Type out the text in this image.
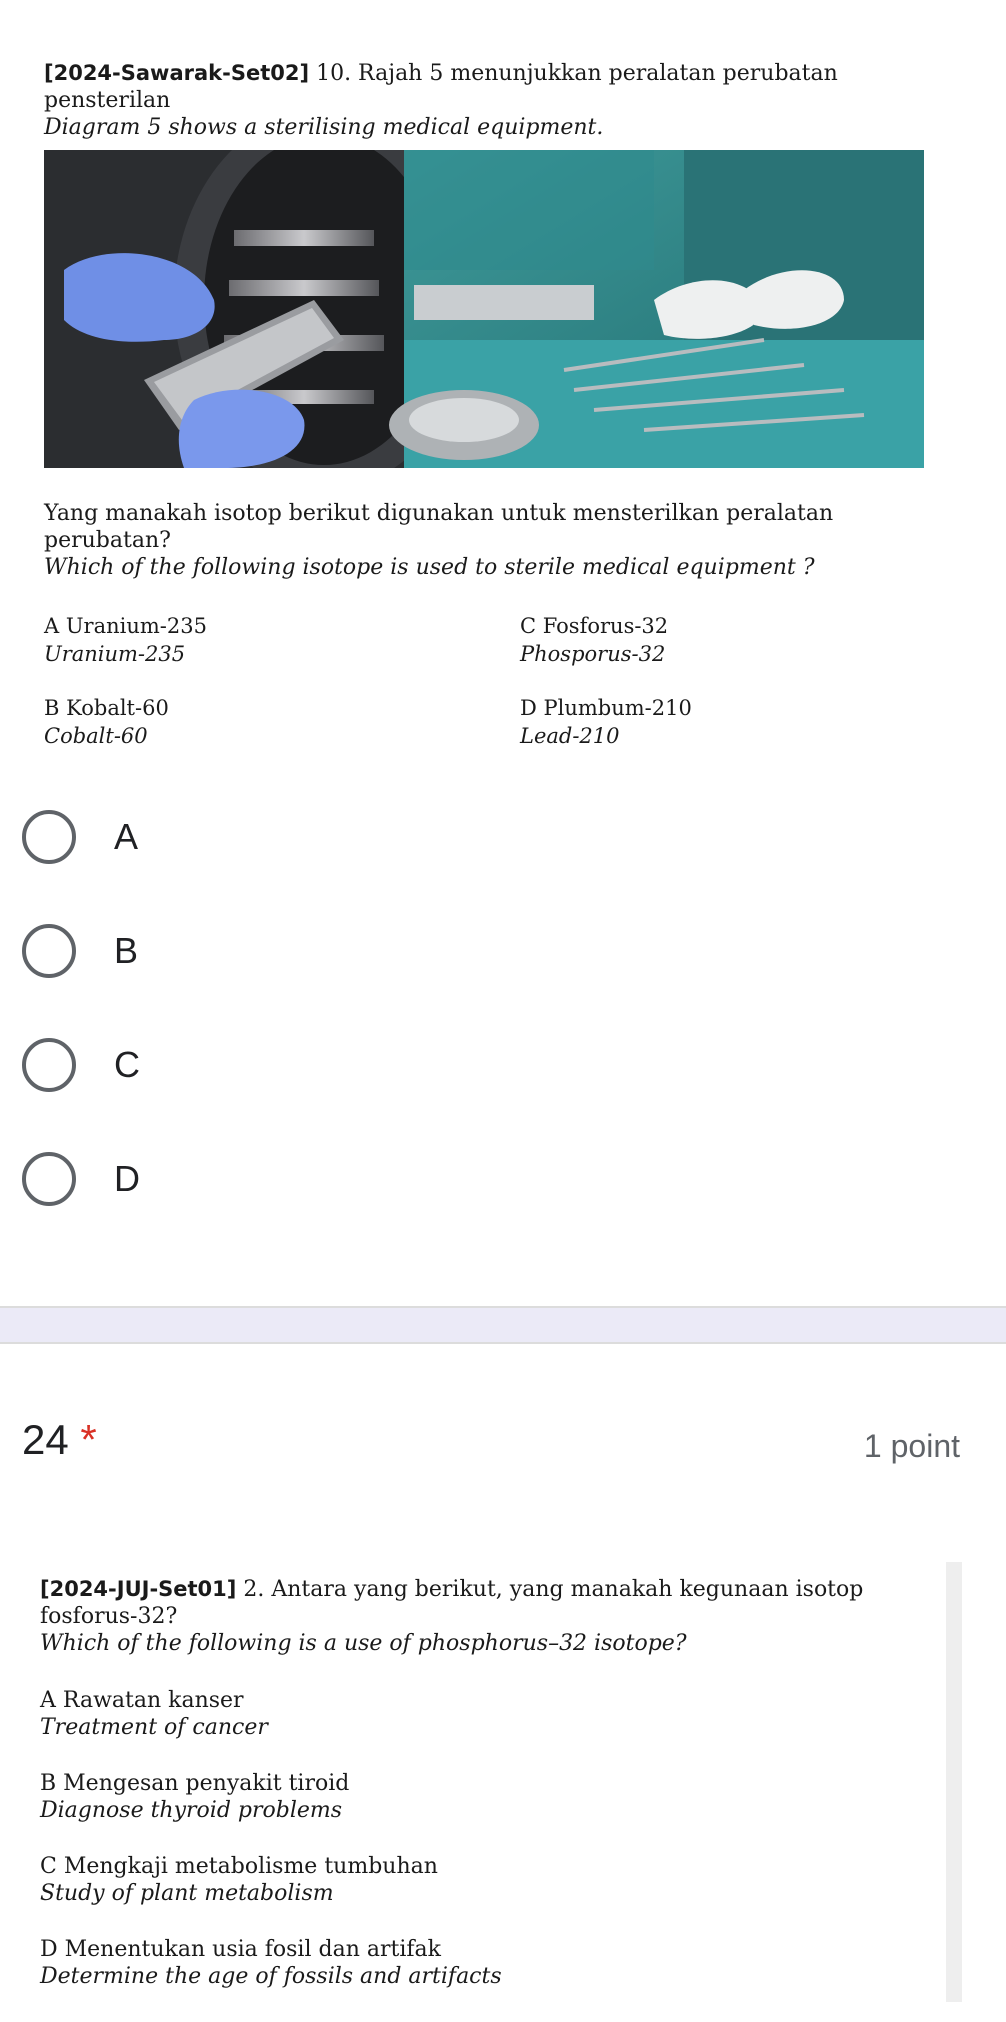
[2024-Sawarak-Set02] 10. Rajah 5 menunjukkan peralatan perubatan
pensterilan
Diagram 5 shows a sterilising medical equipment.
Yang manakah isotop berikut digunakan untuk mensterilkan peralatan
perubatan?
Which of the following isotope is used to sterile medical equipment ?
A Uranium-235
Uranium-235
B Kobalt-60
Cobalt-60
C Fosforus-32
Phosporus-32
D Plumbum-210
Lead-210
A
B
C
D
24 *	1 point
[2024-JUJ-Set01] 2. Antara yang berikut, yang manakah kegunaan isotop
fosforus-32?
Which of the following is a use of phosphorus–32 isotope?
A Rawatan kanser
Treatment of cancer
B Mengesan penyakit tiroid
Diagnose thyroid problems
C Mengkaji metabolisme tumbuhan
Study of plant metabolism
D Menentukan usia fosil dan artifak
Determine the age of fossils and artifacts
